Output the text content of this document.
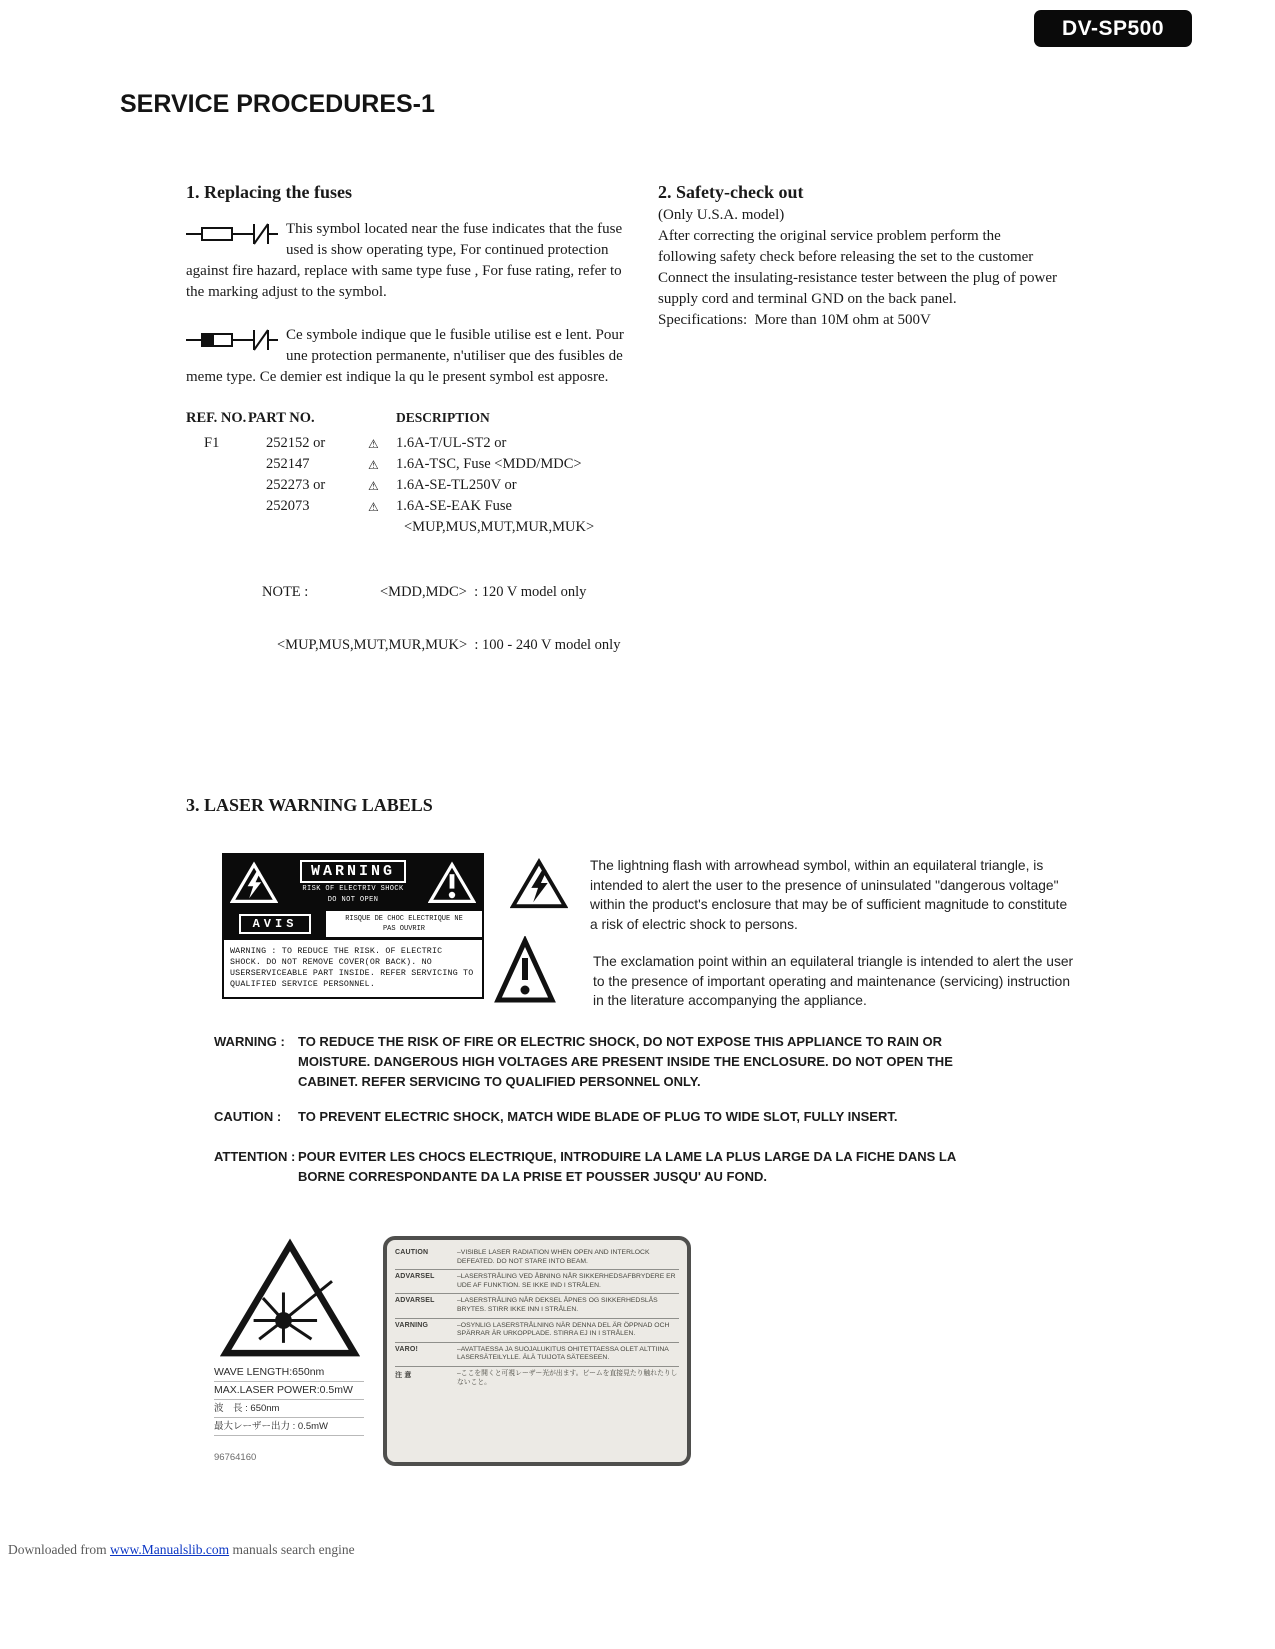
DV-SP500
SERVICE PROCEDURES-1
1. Replacing the fuses
This symbol located near the fuse indicates that the fuse used is show operating type, For continued protection against fire hazard, replace with same type fuse , For fuse rating, refer to the marking adjust to the symbol.
Ce symbole indique que le fusible utilise est e lent. Pour une protection permanente, n'utiliser que des fusibles de meme type. Ce demier est indique la qu le present symbol est apposre.
REF. NO. PART NO.	DESCRIPTION
F1	252152 or	⚠	1.6A-T/UL-ST2 or
252147	⚠	1.6A-TSC, Fuse <MDD/MDC>
252273 or	⚠	1.6A-SE-TL250V or
252073	⚠	1.6A-SE-EAK Fuse
<MUP,MUS,MUT,MUR,MUK>

NOTE :	<MDD,MDC>  : 120 V model only

<MUP,MUS,MUT,MUR,MUK>  : 100 - 240 V model only

2. Safety-check out
(Only U.S.A. model)
After correcting the original service problem perform the following safety check before releasing the set to the customer Connect the insulating-resistance tester between the plug of power supply cord and terminal GND on the back panel.
Specifications:  More than 10M ohm at 500V
3. LASER WARNING LABELS
WARNING
RISK OF ELECTRIV SHOCK
DO NOT OPEN
AVIS	RISQUE DE CHOC ELECTRIQUE NE
PAS OUVRIR
WARNING : TO REDUCE THE RISK. OF ELECTRIC SHOCK. DO NOT REMOVE COVER(OR BACK). NO USERSERVICEABLE PART INSIDE. REFER SERVICING TO QUALIFIED SERVICE PERSONNEL.
The lightning flash with arrowhead symbol, within an equilateral triangle, is intended to alert the user to the presence of uninsulated "dangerous voltage" within the product's enclosure that may be of sufficient magnitude to constitute a risk of electric shock to persons.
The exclamation point within an equilateral triangle is intended to alert the user to the presence of important operating and maintenance (servicing) instruction in the literature accompanying the appliance.
WARNING :	TO REDUCE THE RISK OF FIRE OR ELECTRIC SHOCK, DO NOT EXPOSE THIS APPLIANCE TO RAIN OR MOISTURE. DANGEROUS HIGH VOLTAGES ARE PRESENT INSIDE THE ENCLOSURE. DO NOT OPEN THE CABINET. REFER SERVICING TO QUALIFIED PERSONNEL ONLY.
CAUTION :	TO PREVENT ELECTRIC SHOCK, MATCH WIDE BLADE OF PLUG TO WIDE SLOT, FULLY INSERT.
ATTENTION : POUR EVITER LES CHOCS ELECTRIQUE, INTRODUIRE LA LAME LA PLUS LARGE DA LA FICHE DANS LA BORNE CORRESPONDANTE DA LA PRISE ET POUSSER JUSQU' AU FOND.
WAVE LENGTH:650nm
MAX.LASER POWER:0.5mW
波　長 : 650nm
最大レーザー出力 : 0.5mW
96764160
CAUTION	–VISIBLE LASER RADIATION WHEN OPEN AND INTERLOCK DEFEATED. DO NOT STARE INTO BEAM.
ADVARSEL	–LASERSTRÅLING VED ÅBNING NÅR SIKKERHEDSAFBRYDERE ER UDE AF FUNKTION. SE IKKE IND I STRÅLEN.
ADVARSEL	–LASERSTRÅLING NÅR DEKSEL ÅPNES OG SIKKERHEDSLÅS BRYTES. STIRR IKKE INN I STRÅLEN.
VARNING	–OSYNLIG LASERSTRÅLNING NÄR DENNA DEL ÄR ÖPPNAD OCH SPÄRRAR ÄR URKOPPLADE. STIRRA EJ IN I STRÅLEN.
VARO!	–AVATTAESSA JA SUOJALUKITUS OHITETTAESSA OLET ALTTIINA LASERSÄTEILYLLE. ÄLÄ TUIJOTA SÄTEESEEN.
注 意	–ここを開くと可視レーザー光が出ます。ビームを直接見たり触れたりしないこと。
Downloaded from www.Manualslib.com manuals search engine
